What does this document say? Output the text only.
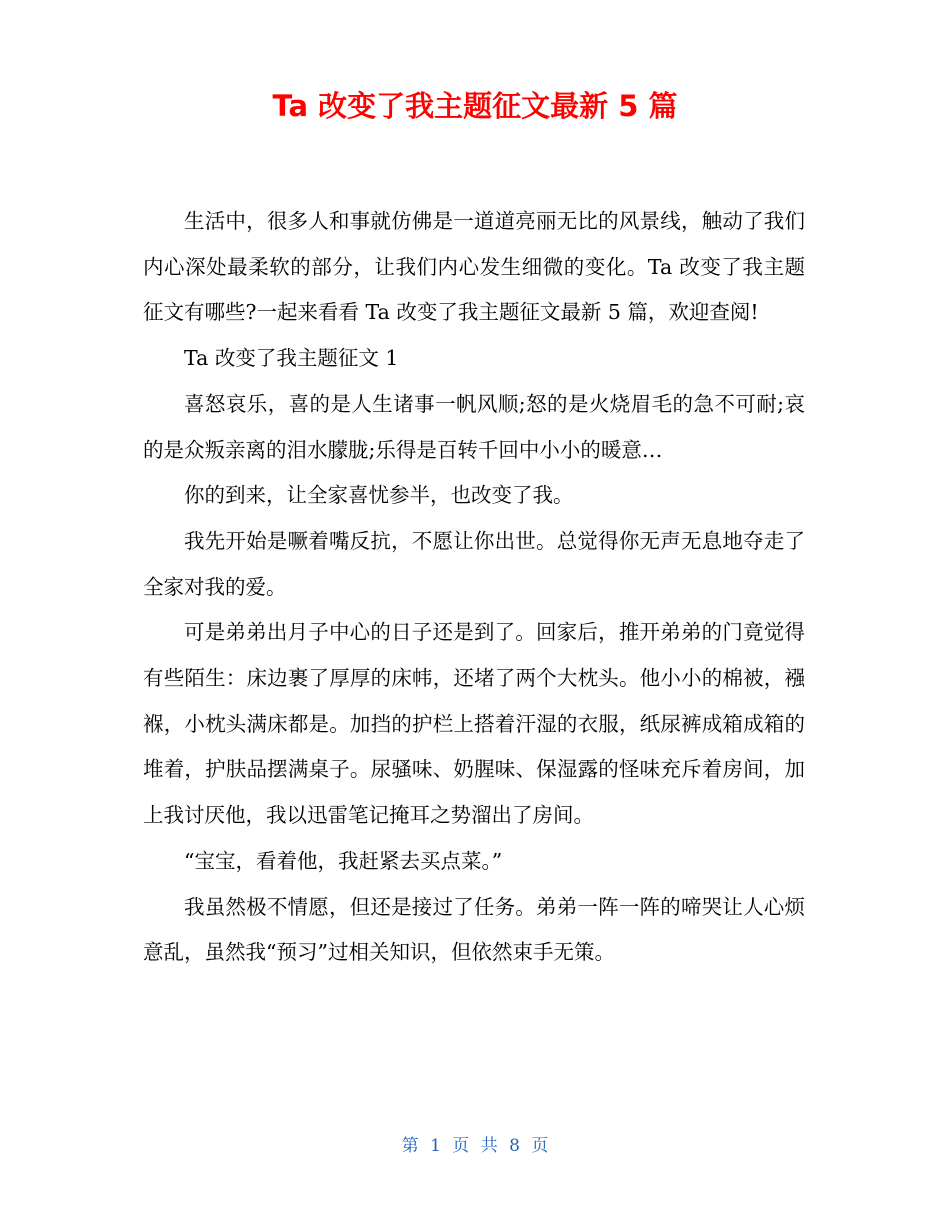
Ta 改变了我主题征文最新 5 篇

生活中，很多人和事就仿佛是一道道亮丽无比的风景线，触动了我们内心深处最柔软的部分，让我们内心发生细微的变化。Ta 改变了我主题征文有哪些?一起来看看 Ta 改变了我主题征文最新 5 篇，欢迎查阅!

Ta 改变了我主题征文 1

喜怒哀乐，喜的是人生诸事一帆风顺;怒的是火烧眉毛的急不可耐;哀的是众叛亲离的泪水朦胧;乐得是百转千回中小小的暖意…

你的到来，让全家喜忧参半，也改变了我。

我先开始是噘着嘴反抗，不愿让你出世。总觉得你无声无息地夺走了全家对我的爱。

可是弟弟出月子中心的日子还是到了。回家后，推开弟弟的门竟觉得有些陌生：床边裹了厚厚的床帏，还堵了两个大枕头。他小小的棉被，襁褓，小枕头满床都是。加挡的护栏上搭着汗湿的衣服，纸尿裤成箱成箱的堆着，护肤品摆满桌子。尿骚味、奶腥味、保湿露的怪味充斥着房间，加上我讨厌他，我以迅雷笔记掩耳之势溜出了房间。

“宝宝，看着他，我赶紧去买点菜。”

我虽然极不情愿，但还是接过了任务。弟弟一阵一阵的啼哭让人心烦意乱，虽然我“预习”过相关知识，但依然束手无策。

第 1 页 共 8 页
